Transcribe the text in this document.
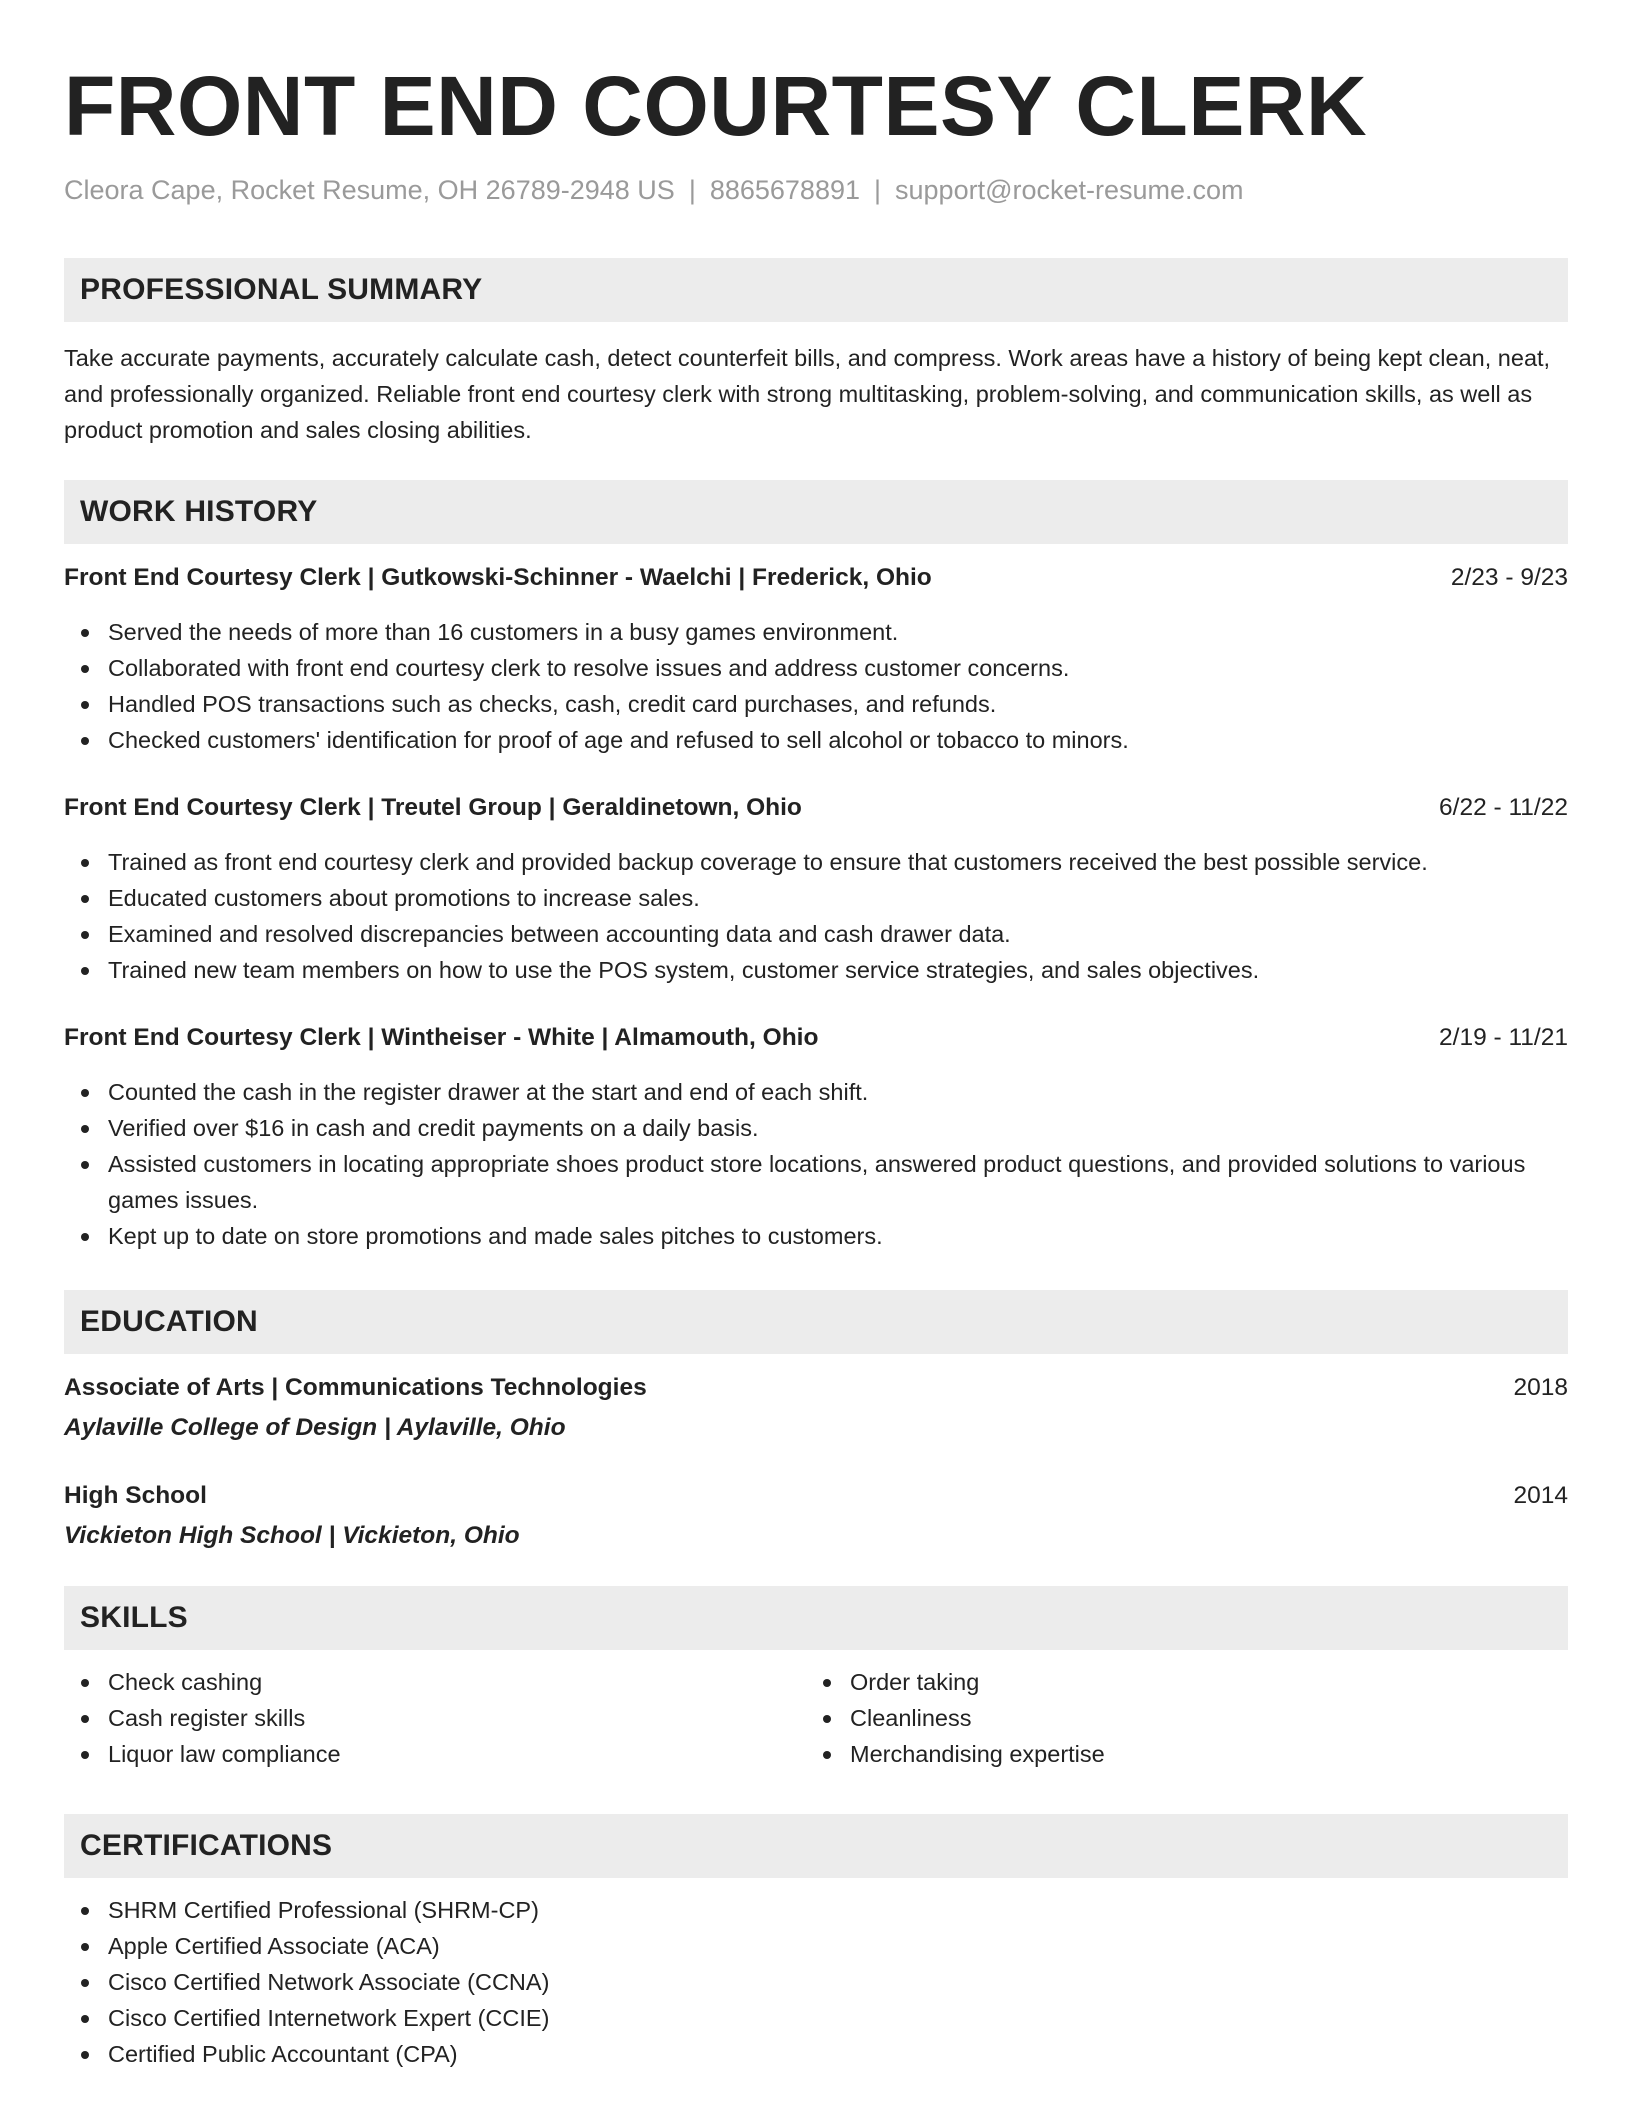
FRONT END COURTESY CLERK
Cleora Cape, Rocket Resume, OH 26789-2948 US | 8865678891 | support@rocket-resume.com
PROFESSIONAL SUMMARY

Take accurate payments, accurately calculate cash, detect counterfeit bills, and compress. Work areas have a history of being kept clean, neat, and professionally organized. Reliable front end courtesy clerk with strong multitasking, problem-solving, and communication skills, as well as product promotion and sales closing abilities.

WORK HISTORY
Front End Courtesy Clerk | Gutkowski-Schinner - Waelchi | Frederick, Ohio	2/23 - 9/23
Served the needs of more than 16 customers in a busy games environment.
Collaborated with front end courtesy clerk to resolve issues and address customer concerns.
Handled POS transactions such as checks, cash, credit card purchases, and refunds.
Checked customers' identification for proof of age and refused to sell alcohol or tobacco to minors.
Front End Courtesy Clerk | Treutel Group | Geraldinetown, Ohio	6/22 - 11/22
Trained as front end courtesy clerk and provided backup coverage to ensure that customers received the best possible service.
Educated customers about promotions to increase sales.
Examined and resolved discrepancies between accounting data and cash drawer data.
Trained new team members on how to use the POS system, customer service strategies, and sales objectives.
Front End Courtesy Clerk | Wintheiser - White | Almamouth, Ohio	2/19 - 11/21
Counted the cash in the register drawer at the start and end of each shift.
Verified over $16 in cash and credit payments on a daily basis.
Assisted customers in locating appropriate shoes product store locations, answered product questions, and provided solutions to various games issues.
Kept up to date on store promotions and made sales pitches to customers.
EDUCATION
Associate of Arts | Communications Technologies	2018
Aylaville College of Design | Aylaville, Ohio
High School	2014
Vickieton High School | Vickieton, Ohio
SKILLS
Check cashing
Cash register skills
Liquor law compliance
Order taking
Cleanliness
Merchandising expertise
CERTIFICATIONS
SHRM Certified Professional (SHRM-CP)
Apple Certified Associate (ACA)
Cisco Certified Network Associate (CCNA)
Cisco Certified Internetwork Expert (CCIE)
Certified Public Accountant (CPA)
